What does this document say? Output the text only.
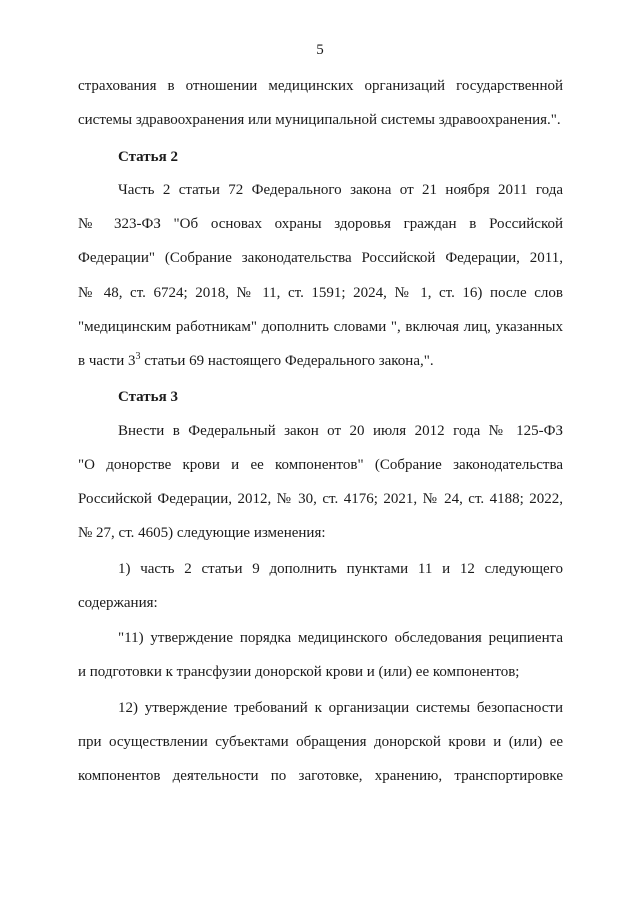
5
страхования в отношении медицинских организаций государственной
системы здравоохранения или муниципальной системы здравоохранения.".
Статья 2
Часть 2 статьи 72 Федерального закона от 21 ноября 2011 года
№ 323-ФЗ "Об основах охраны здоровья граждан в Российской
Федерации" (Собрание законодательства Российской Федерации, 2011,
№ 48, ст. 6724; 2018, № 11, ст. 1591; 2024, № 1, ст. 16) после слов
"медицинским работникам" дополнить словами ", включая лиц, указанных
в части $3^3$ статьи 69 настоящего Федерального закона,".
Статья 3
Внести в Федеральный закон от 20 июля 2012 года № 125-ФЗ
"О донорстве крови и ее компонентов" (Собрание законодательства
Российской Федерации, 2012, № 30, ст. 4176; 2021, № 24, ст. 4188; 2022,
№ 27, ст. 4605) следующие изменения:
1) часть 2 статьи 9 дополнить пунктами 11 и 12 следующего
содержания:
"11) утверждение порядка медицинского обследования реципиента
и подготовки к трансфузии донорской крови и (или) ее компонентов;
12) утверждение требований к организации системы безопасности
при осуществлении субъектами обращения донорской крови и (или) ее
компонентов деятельности по заготовке, хранению, транспортировке
